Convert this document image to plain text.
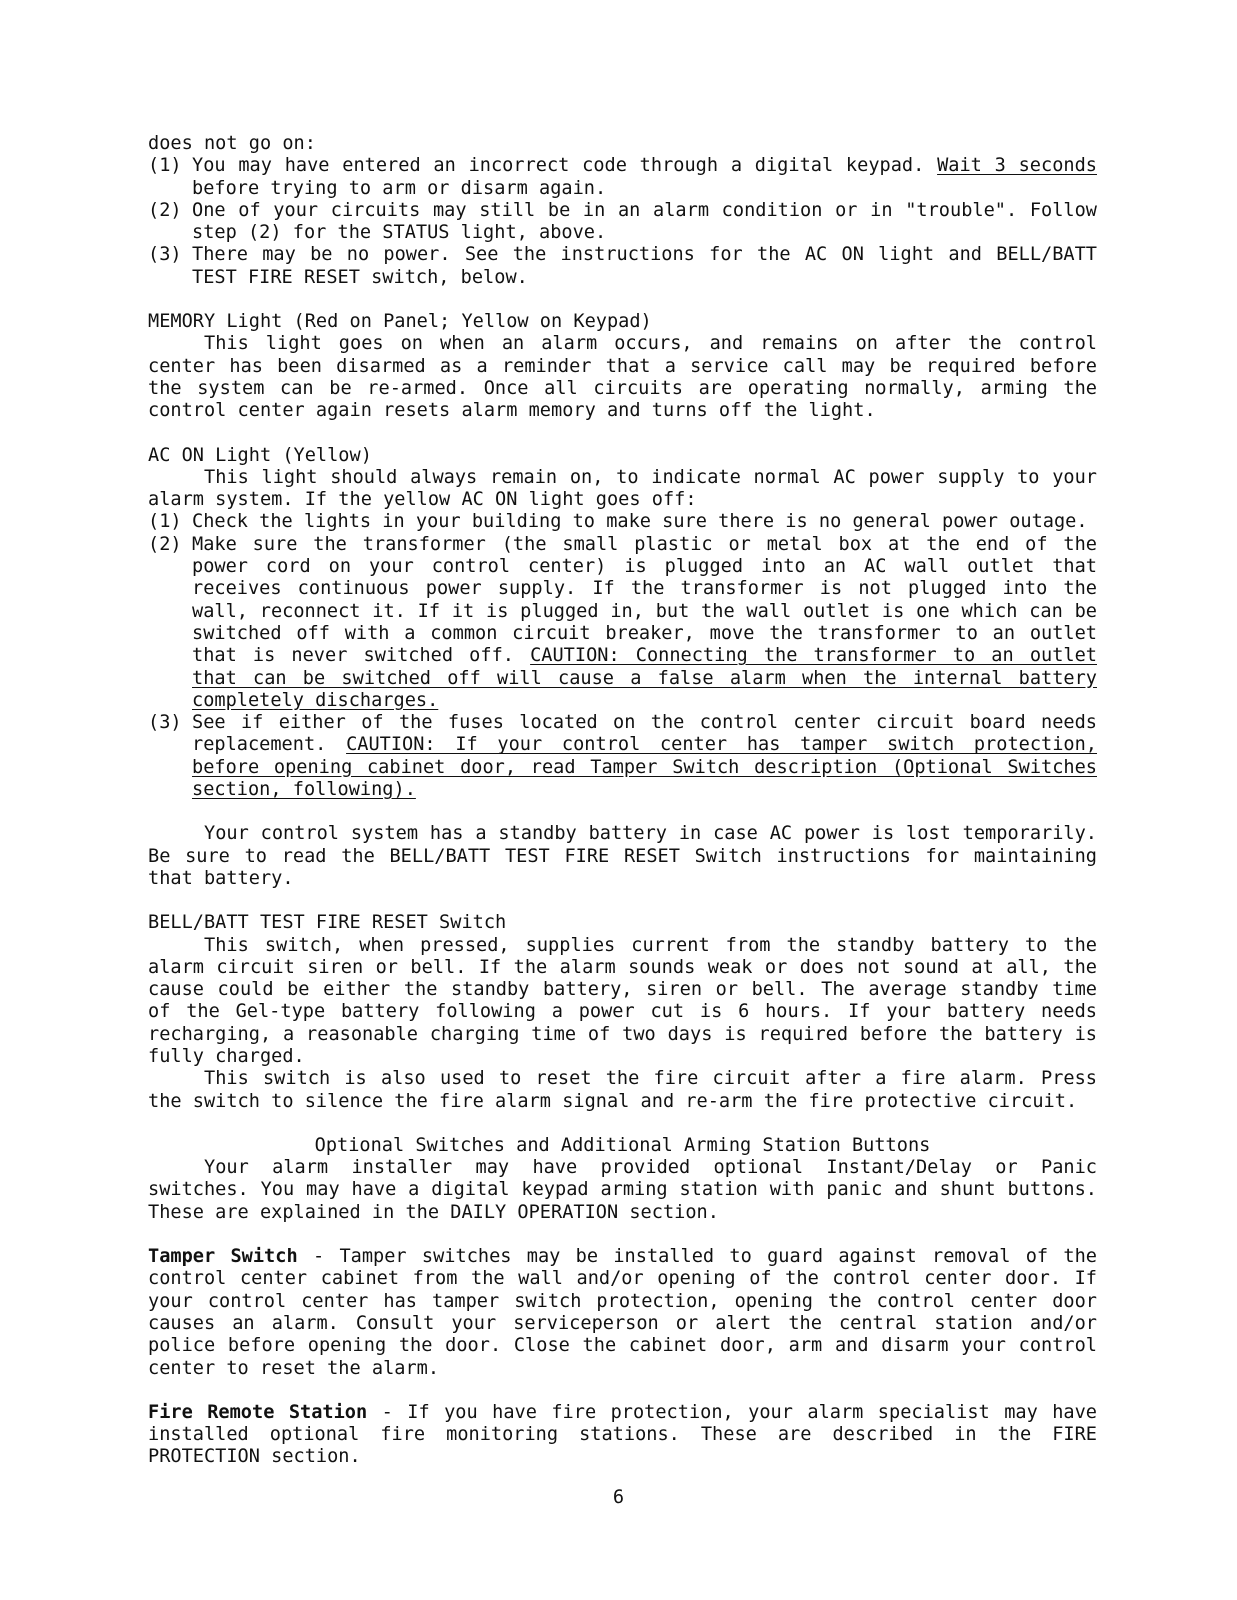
does not go on:

(1) You may have entered an incorrect code through a digital keypad. Wait 3 seconds before trying to arm or disarm again.
(2) One of your circuits may still be in an alarm condition or in "trouble". Follow step (2) for the STATUS light, above.
(3) There may be no power. See the instructions for the AC ON light and BELL/BATT TEST FIRE RESET switch, below.

MEMORY Light (Red on Panel; Yellow on Keypad)

This light goes on when an alarm occurs, and remains on after the control center has been disarmed as a reminder that a service call may be required before the system can be re-armed. Once all circuits are operating normally, arming the control center again resets alarm memory and turns off the light.

AC ON Light (Yellow)

This light should always remain on, to indicate normal AC power supply to your alarm system. If the yellow AC ON light goes off:

(1) Check the lights in your building to make sure there is no general power outage.
(2) Make sure the transformer (the small plastic or metal box at the end of the power cord on your control center) is plugged into an AC wall outlet that receives continuous power supply. If the transformer is not plugged into the wall, reconnect it. If it is plugged in, but the wall outlet is one which can be switched off with a common circuit breaker, move the transformer to an outlet that is never switched off. CAUTION: Connecting the transformer to an outlet that can be switched off will cause a false alarm when the internal battery completely discharges.
(3) See if either of the fuses located on the control center circuit board needs replacement. CAUTION: If your control center has tamper switch protection, before opening cabinet door, read Tamper Switch description (Optional Switches section, following).

Your control system has a standby battery in case AC power is lost temporarily. Be sure to read the BELL/BATT TEST FIRE RESET Switch instructions for maintaining that battery.

BELL/BATT TEST FIRE RESET Switch

This switch, when pressed, supplies current from the standby battery to the alarm circuit siren or bell. If the alarm sounds weak or does not sound at all, the cause could be either the standby battery, siren or bell. The average standby time of the Gel-type battery following a power cut is 6 hours. If your battery needs recharging, a reasonable charging time of two days is required before the battery is fully charged.

This switch is also used to reset the fire circuit after a fire alarm. Press the switch to silence the fire alarm signal and re-arm the fire protective circuit.

Optional Switches and Additional Arming Station Buttons

Your alarm installer may have provided optional Instant/Delay or Panic switches. You may have a digital keypad arming station with panic and shunt buttons. These are explained in the DAILY OPERATION section.

Tamper Switch - Tamper switches may be installed to guard against removal of the control center cabinet from the wall and/or opening of the control center door. If your control center has tamper switch protection, opening the control center door causes an alarm. Consult your serviceperson or alert the central station and/or police before opening the door. Close the cabinet door, arm and disarm your control center to reset the alarm.

Fire Remote Station - If you have fire protection, your alarm specialist may have installed optional fire monitoring stations. These are described in the FIRE PROTECTION section.

6
